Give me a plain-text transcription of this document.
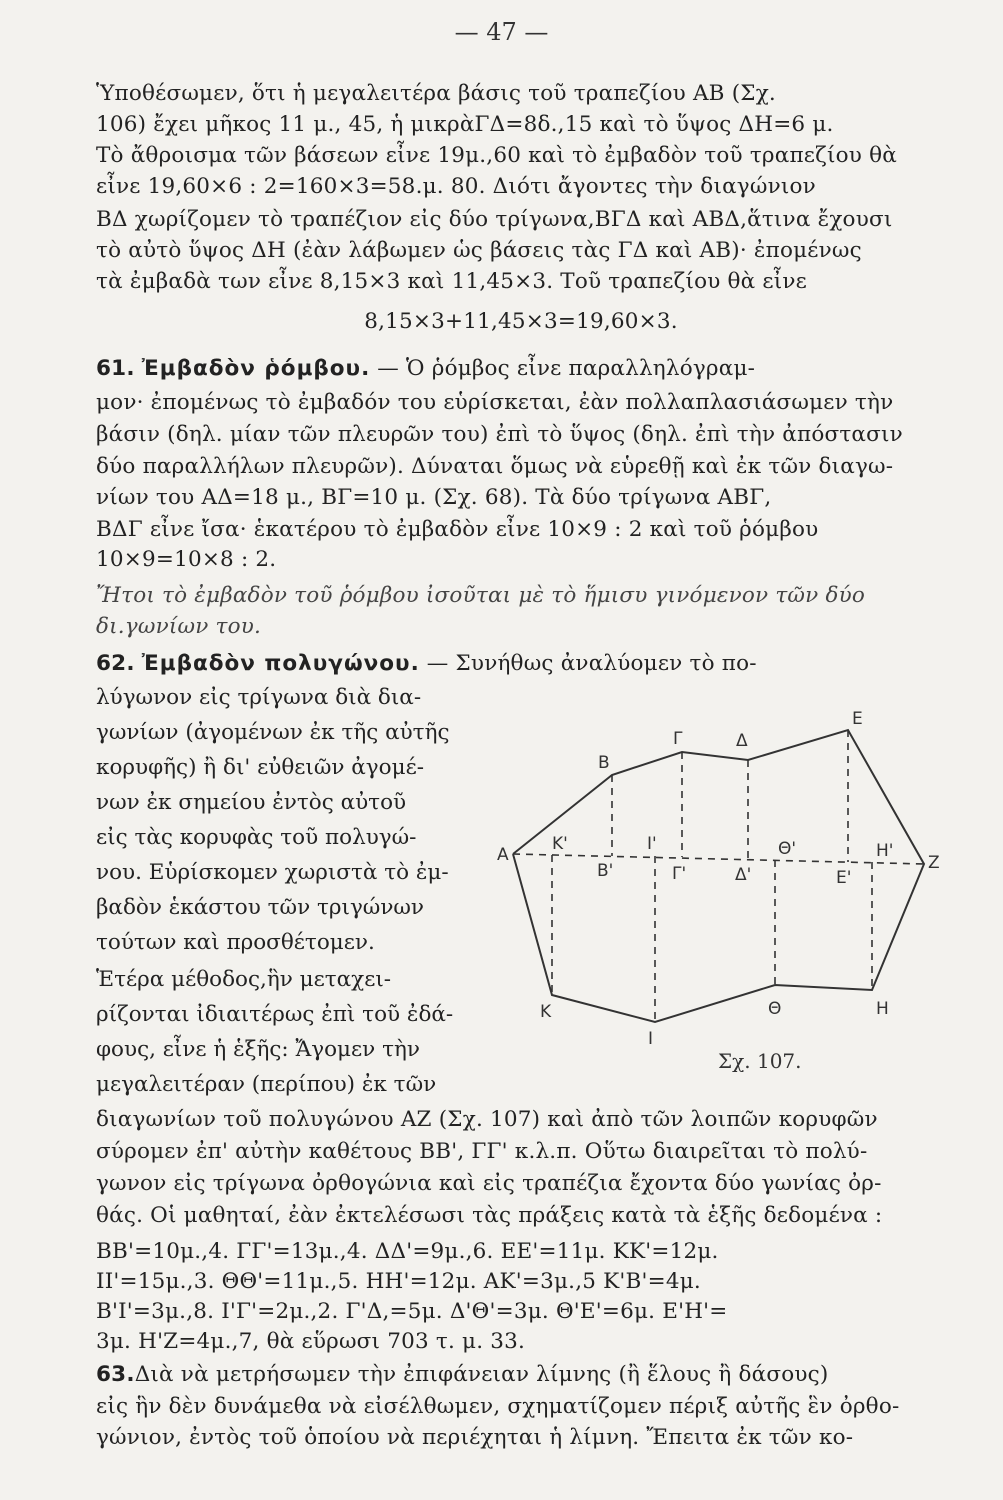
— 47 —
Ὑποθέσωμεν, ὅτι ἡ μεγαλειτέρα βάσις τοῦ τραπεζίου ΑΒ (Σχ.
106) ἔχει μῆκος 11 μ., 45, ἡ μικρὰΓΔ=8δ.,15 καὶ τὸ ὕψος ΔΗ=6 μ.
Τὸ ἄθροισμα τῶν βάσεων εἶνε 19μ.,60 καὶ τὸ ἐμβαδὸν τοῦ τραπεζίου θὰ
εἶνε 19,60×6 : 2=160×3=58.μ. 80. Διότι ἄγοντες τὴν διαγώνιον
ΒΔ χωρίζομεν τὸ τραπέζιον εἰς δύο τρίγωνα,ΒΓΔ καὶ ΑΒΔ,ἅτινα ἔχουσι
τὸ αὐτὸ ὕψος ΔΗ (ἐὰν λάβωμεν ὡς βάσεις τὰς ΓΔ καὶ ΑΒ)· ἐπομένως
τὰ ἐμβαδὰ των εἶνε 8,15×3 καὶ 11,45×3. Τοῦ τραπεζίου θὰ εἶνε
8,15×3+11,45×3=19,60×3.
61. Ἐμβαδὸν ῥόμβου. — Ὁ ῥόμβος εἶνε παραλληλόγραμ-
μον· ἐπομένως τὸ ἐμβαδόν του εὑρίσκεται, ἐὰν πολλαπλασιάσωμεν τὴν
βάσιν (δηλ. μίαν τῶν πλευρῶν του) ἐπὶ τὸ ὕψος (δηλ. ἐπὶ τὴν ἀπόστασιν
δύο παραλλήλων πλευρῶν). Δύναται ὅμως νὰ εὑρεθῇ καὶ ἐκ τῶν διαγω-
νίων του ΑΔ=18 μ., ΒΓ=10 μ. (Σχ. 68). Τὰ δύο τρίγωνα ΑΒΓ,
ΒΔΓ εἶνε ἴσα· ἑκατέρου τὸ ἐμβαδὸν εἶνε 10×9 : 2 καὶ τοῦ ῥόμβου
10×9=10×8 : 2.
Ἤτοι τὸ ἐμβαδὸν τοῦ ῥόμβου ἰσοῦται μὲ τὸ ἥμισυ γινόμενον τῶν δύο
δι.γωνίων του.
62. Ἐμβαδὸν πολυγώνου. — Συνήθως ἀναλύομεν τὸ πο-
λύγωνον εἰς τρίγωνα διὰ δια-
γωνίων (ἀγομένων ἐκ τῆς αὐτῆς
κορυφῆς) ἢ δι' εὐθειῶν ἀγομέ-
νων ἐκ σημείου ἐντὸς αὐτοῦ
εἰς τὰς κορυφὰς τοῦ πολυγώ-
νου. Εὑρίσκομεν χωριστὰ τὸ ἐμ-
βαδὸν ἑκάστου τῶν τριγώνων
τούτων καὶ προσθέτομεν.
Ἑτέρα μέθοδος,ἣν μεταχει-
ρίζονται ἰδιαιτέρως ἐπὶ τοῦ ἐδά-
φους, εἶνε ἡ ἑξῆς: Ἄγομεν τὴν
μεγαλειτέραν (περίπου) ἐκ τῶν
διαγωνίων τοῦ πολυγώνου ΑΖ (Σχ. 107) καὶ ἀπὸ τῶν λοιπῶν κορυφῶν
σύρομεν ἐπ' αὐτὴν καθέτους ΒΒ', ΓΓ' κ.λ.π. Οὕτω διαιρεῖται τὸ πολύ-
γωνον εἰς τρίγωνα ὀρθογώνια καὶ εἰς τραπέζια ἔχοντα δύο γωνίας ὀρ-
θάς. Οἱ μαθηταί, ἐὰν ἐκτελέσωσι τὰς πράξεις κατὰ τὰ ἑξῆς δεδομένα :
ΒΒ'=10μ.,4. ΓΓ'=13μ.,4. ΔΔ'=9μ.,6. ΕΕ'=11μ. ΚΚ'=12μ.
ΙΙ'=15μ.,3. ΘΘ'=11μ.,5. ΗΗ'=12μ. ΑΚ'=3μ.,5 Κ'Β'=4μ.
Β'Ι'=3μ.,8. Ι'Γ'=2μ.,2. Γ'Δ,=5μ. Δ'Θ'=3μ. Θ'Ε'=6μ. Ε'Η'=
3μ. Η'Ζ=4μ.,7, θὰ εὕρωσι 703 τ. μ. 33.
63.Διὰ νὰ μετρήσωμεν τὴν ἐπιφάνειαν λίμνης (ἢ ἕλους ἢ δάσους)
εἰς ἣν δὲν δυνάμεθα νὰ εἰσέλθωμεν, σχηματίζομεν πέριξ αὐτῆς ἓν ὀρθο-
γώνιον, ἐντὸς τοῦ ὁποίου νὰ περιέχηται ἡ λίμνη. Ἔπειτα ἐκ τῶν κο-
Α
Β
Γ	Δ
Ε
Ζ
Κ
Ι
Θ	Η
Κ'
Β'
Ι'
Γ'	Δ'
Θ'
Ε'
Η'
Σχ. 107.
